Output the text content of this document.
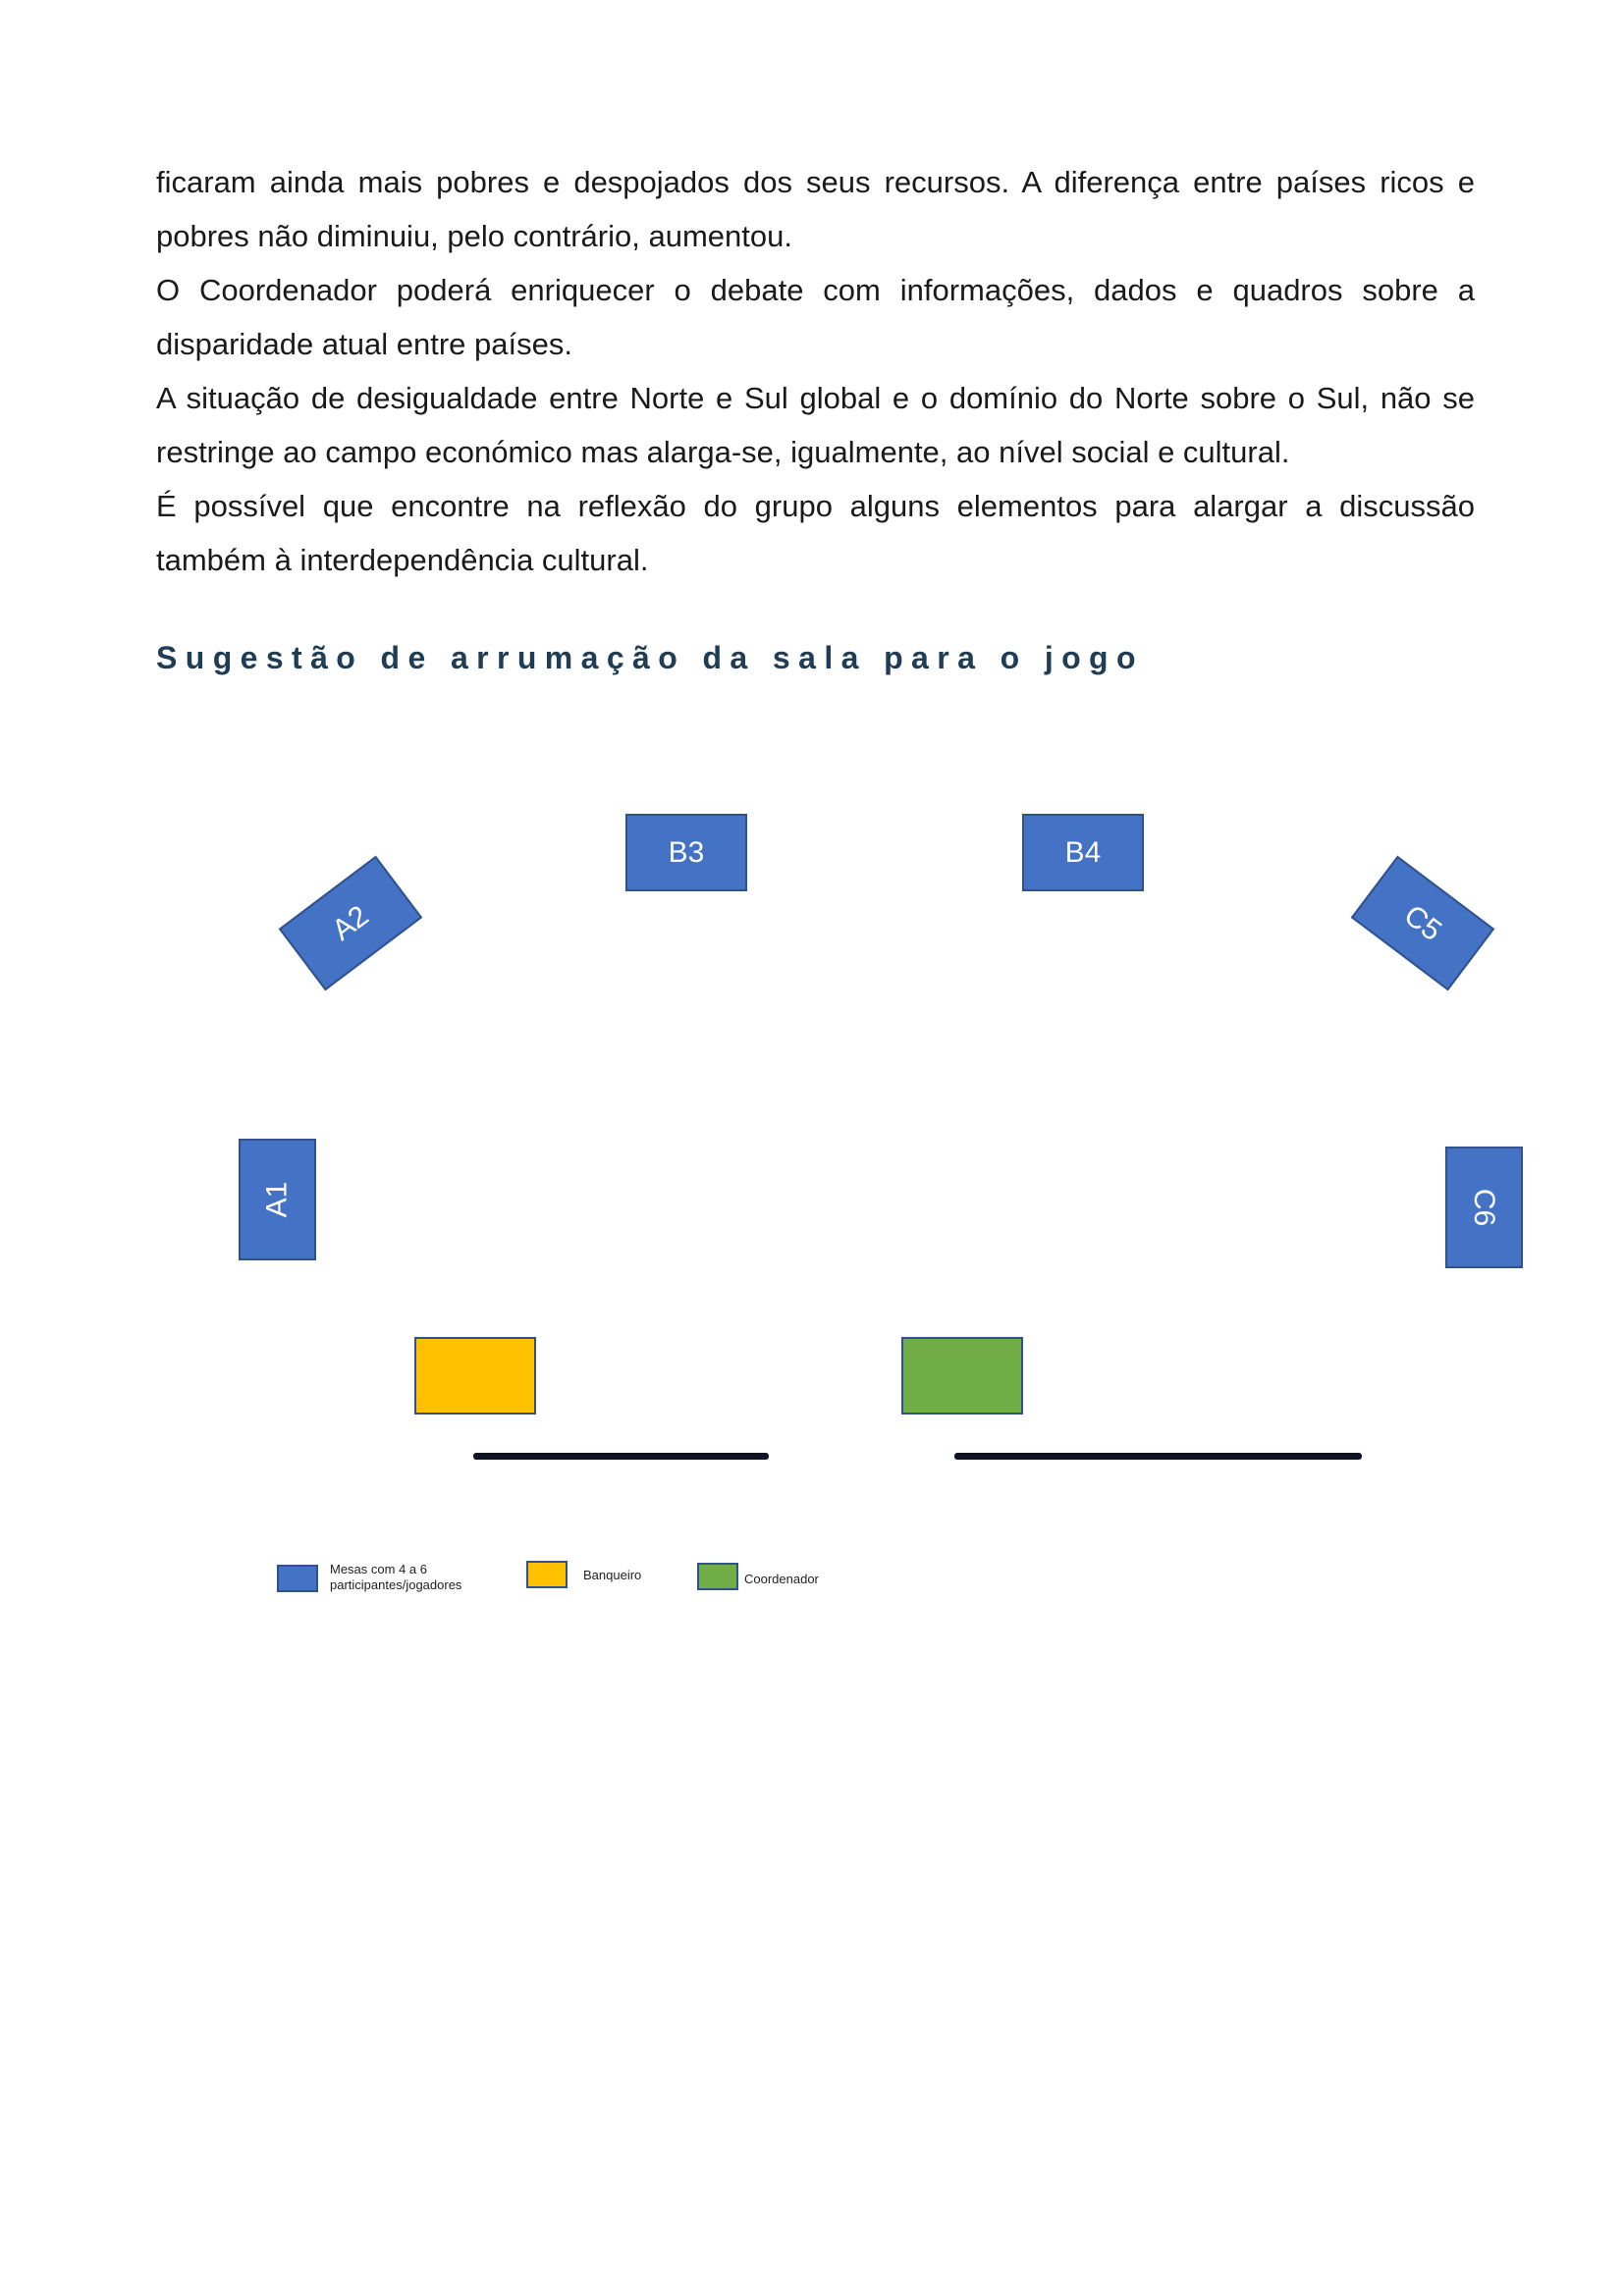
ficaram ainda mais pobres e despojados dos seus recursos. A diferença entre países ricos e pobres não diminuiu, pelo contrário, aumentou.

O Coordenador poderá enriquecer o debate com informações, dados e quadros sobre a disparidade atual entre países.

A situação de desigualdade entre Norte e Sul global e o domínio do Norte sobre o Sul, não se restringe ao campo económico mas alarga-se, igualmente, ao nível social e cultural.

É possível que encontre na reflexão do grupo alguns elementos para alargar a discussão também à interdependência cultural.

Sugestão de arrumação da sala para o jogo
A1
A2
B3	B4
C5
C6
Mesas com 4 a 6
participantes/jogadores
Banqueiro	Coordenador
